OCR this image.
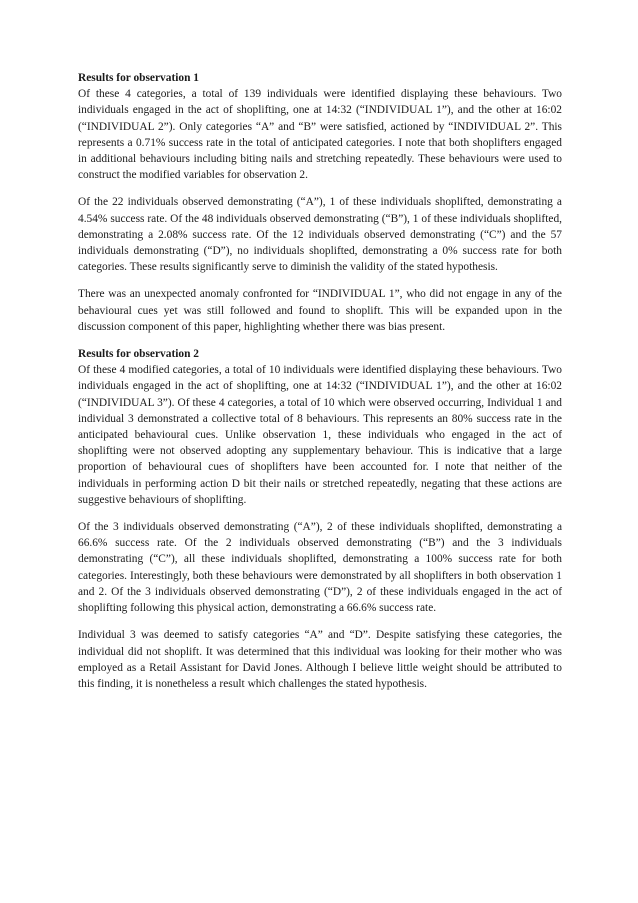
Results for observation 1

Of these 4 categories, a total of 139 individuals were identified displaying these behaviours. Two individuals engaged in the act of shoplifting, one at 14:32 (“INDIVIDUAL 1”), and the other at 16:02 (“INDIVIDUAL 2”). Only categories “A” and “B” were satisfied, actioned by “INDIVIDUAL 2”. This represents a 0.71% success rate in the total of anticipated categories. I note that both shoplifters engaged in additional behaviours including biting nails and stretching repeatedly. These behaviours were used to construct the modified variables for observation 2.

Of the 22 individuals observed demonstrating (“A”), 1 of these individuals shoplifted, demonstrating a 4.54% success rate. Of the 48 individuals observed demonstrating (“B”), 1 of these individuals shoplifted, demonstrating a 2.08% success rate. Of the 12 individuals observed demonstrating (“C”) and the 57 individuals demonstrating (“D”), no individuals shoplifted, demonstrating a 0% success rate for both categories. These results significantly serve to diminish the validity of the stated hypothesis.

There was an unexpected anomaly confronted for “INDIVIDUAL 1”, who did not engage in any of the behavioural cues yet was still followed and found to shoplift. This will be expanded upon in the discussion component of this paper, highlighting whether there was bias present.

Results for observation 2

Of these 4 modified categories, a total of 10 individuals were identified displaying these behaviours. Two individuals engaged in the act of shoplifting, one at 14:32 (“INDIVIDUAL 1”), and the other at 16:02 (“INDIVIDUAL 3”). Of these 4 categories, a total of 10 which were observed occurring, Individual 1 and individual 3 demonstrated a collective total of 8 behaviours. This represents an 80% success rate in the anticipated behavioural cues. Unlike observation 1, these individuals who engaged in the act of shoplifting were not observed adopting any supplementary behaviour. This is indicative that a large proportion of behavioural cues of shoplifters have been accounted for. I note that neither of the individuals in performing action D bit their nails or stretched repeatedly, negating that these actions are suggestive behaviours of shoplifting.

Of the 3 individuals observed demonstrating (“A”), 2 of these individuals shoplifted, demonstrating a 66.6% success rate. Of the 2 individuals observed demonstrating (“B”) and the 3 individuals demonstrating (“C”), all these individuals shoplifted, demonstrating a 100% success rate for both categories. Interestingly, both these behaviours were demonstrated by all shoplifters in both observation 1 and 2. Of the 3 individuals observed demonstrating (“D”), 2 of these individuals engaged in the act of shoplifting following this physical action, demonstrating a 66.6% success rate.

Individual 3 was deemed to satisfy categories “A” and “D”. Despite satisfying these categories, the individual did not shoplift. It was determined that this individual was looking for their mother who was employed as a Retail Assistant for David Jones. Although I believe little weight should be attributed to this finding, it is nonetheless a result which challenges the stated hypothesis.
